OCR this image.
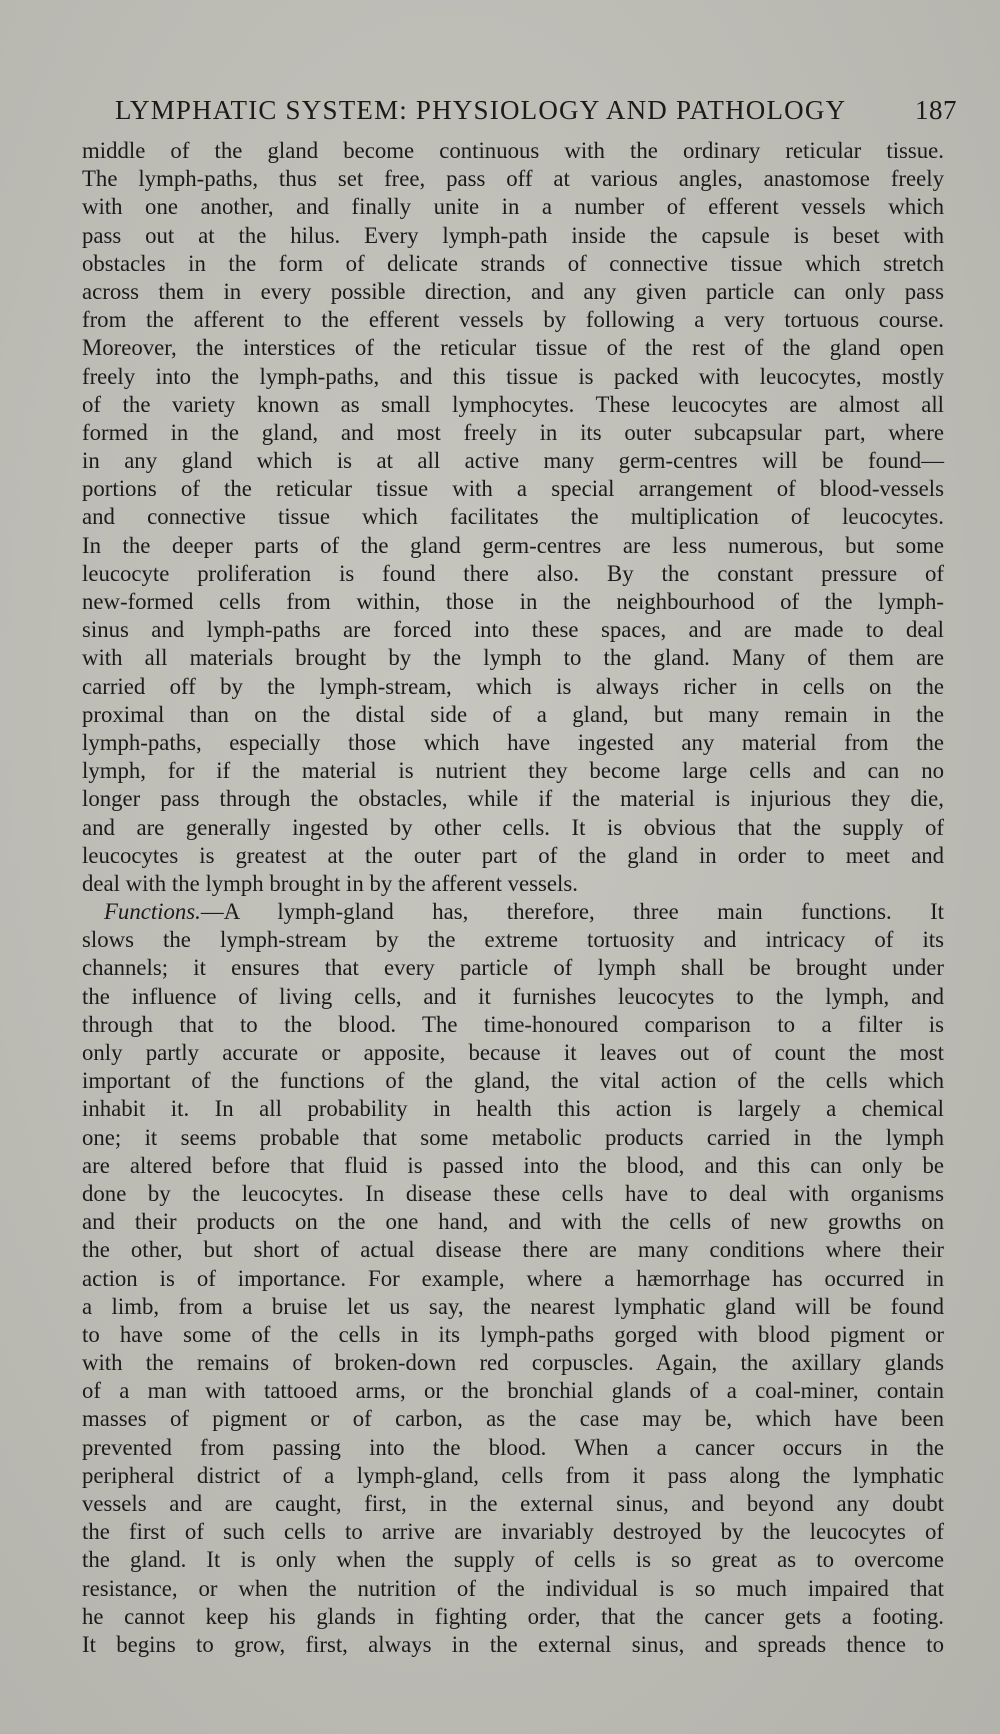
LYMPHATIC SYSTEM: PHYSIOLOGY AND PATHOLOGY	187
middle of the gland become continuous with the ordinary reticular tissue.
The lymph-paths, thus set free, pass off at various angles, anastomose freely
with one another, and finally unite in a number of efferent vessels which
pass out at the hilus. Every lymph-path inside the capsule is beset with
obstacles in the form of delicate strands of connective tissue which stretch
across them in every possible direction, and any given particle can only pass
from the afferent to the efferent vessels by following a very tortuous course.
Moreover, the interstices of the reticular tissue of the rest of the gland open
freely into the lymph-paths, and this tissue is packed with leucocytes, mostly
of the variety known as small lymphocytes. These leucocytes are almost all
formed in the gland, and most freely in its outer subcapsular part, where
in any gland which is at all active many germ-centres will be found—
portions of the reticular tissue with a special arrangement of blood-vessels
and connective tissue which facilitates the multiplication of leucocytes.
In the deeper parts of the gland germ-centres are less numerous, but some
leucocyte proliferation is found there also. By the constant pressure of
new-formed cells from within, those in the neighbourhood of the lymph-
sinus and lymph-paths are forced into these spaces, and are made to deal
with all materials brought by the lymph to the gland. Many of them are
carried off by the lymph-stream, which is always richer in cells on the
proximal than on the distal side of a gland, but many remain in the
lymph-paths, especially those which have ingested any material from the
lymph, for if the material is nutrient they become large cells and can no
longer pass through the obstacles, while if the material is injurious they die,
and are generally ingested by other cells. It is obvious that the supply of
leucocytes is greatest at the outer part of the gland in order to meet and
deal with the lymph brought in by the afferent vessels.
Functions.—A lymph-gland has, therefore, three main functions. It
slows the lymph-stream by the extreme tortuosity and intricacy of its
channels; it ensures that every particle of lymph shall be brought under
the influence of living cells, and it furnishes leucocytes to the lymph, and
through that to the blood. The time-honoured comparison to a filter is
only partly accurate or apposite, because it leaves out of count the most
important of the functions of the gland, the vital action of the cells which
inhabit it. In all probability in health this action is largely a chemical
one; it seems probable that some metabolic products carried in the lymph
are altered before that fluid is passed into the blood, and this can only be
done by the leucocytes. In disease these cells have to deal with organisms
and their products on the one hand, and with the cells of new growths on
the other, but short of actual disease there are many conditions where their
action is of importance. For example, where a hæmorrhage has occurred in
a limb, from a bruise let us say, the nearest lymphatic gland will be found
to have some of the cells in its lymph-paths gorged with blood pigment or
with the remains of broken-down red corpuscles. Again, the axillary glands
of a man with tattooed arms, or the bronchial glands of a coal-miner, contain
masses of pigment or of carbon, as the case may be, which have been
prevented from passing into the blood. When a cancer occurs in the
peripheral district of a lymph-gland, cells from it pass along the lymphatic
vessels and are caught, first, in the external sinus, and beyond any doubt
the first of such cells to arrive are invariably destroyed by the leucocytes of
the gland. It is only when the supply of cells is so great as to overcome
resistance, or when the nutrition of the individual is so much impaired that
he cannot keep his glands in fighting order, that the cancer gets a footing.
It begins to grow, first, always in the external sinus, and spreads thence to
